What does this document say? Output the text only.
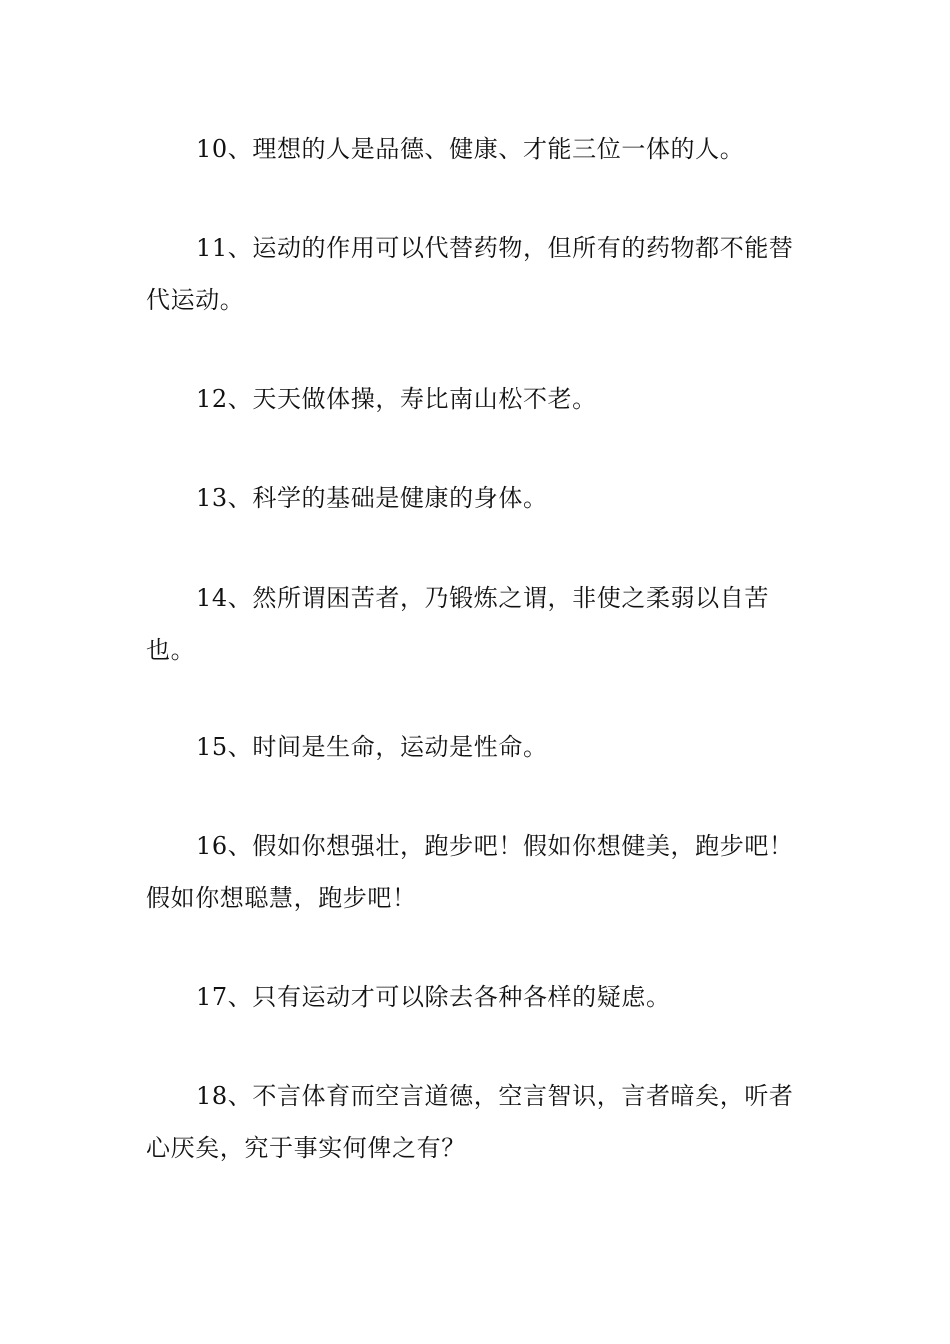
10、理想的人是品德、健康、才能三位一体的人。

11、运动的作用可以代替药物，但所有的药物都不能替代运动。

12、天天做体操，寿比南山松不老。

13、科学的基础是健康的身体。

14、然所谓困苦者，乃锻炼之谓，非使之柔弱以自苦也。

15、时间是生命，运动是性命。

16、假如你想强壮，跑步吧！假如你想健美，跑步吧！假如你想聪慧，跑步吧！

17、只有运动才可以除去各种各样的疑虑。

18、不言体育而空言道德，空言智识，言者暗矣，听者心厌矣，究于事实何俾之有？
